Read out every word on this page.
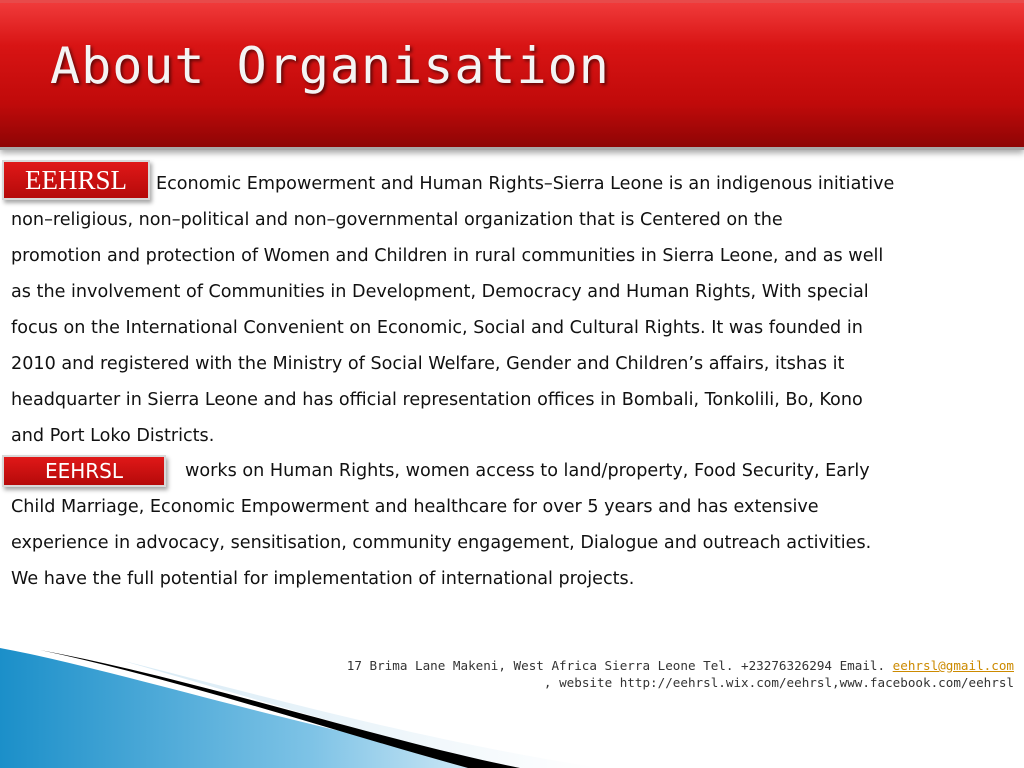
About Organisation
EEHRSL	Economic Empowerment and Human Rights–Sierra Leone is an indigenous initiative
non–religious, non–political and non–governmental organization that is Centered on the
promotion and protection of Women and Children in rural communities in Sierra Leone, and as well
as the involvement of Communities in Development, Democracy and Human Rights, With special
focus on the International Convenient on Economic, Social and Cultural Rights. It was founded in
2010 and registered with the Ministry of Social Welfare, Gender and Children’s affairs, itshas it
headquarter in Sierra Leone and has official representation offices in Bombali, Tonkolili, Bo, Kono
and Port Loko Districts.
EEHRSL	works on Human Rights, women access to land/property, Food Security, Early
Child Marriage, Economic Empowerment and healthcare for over 5 years and has extensive
experience in advocacy, sensitisation, community engagement, Dialogue and outreach activities.
We have the full potential for implementation of international projects.
17 Brima Lane Makeni, West Africa Sierra Leone Tel. +23276326294 Email. eehrsl@gmail.com
, website http://eehrsl.wix.com/eehrsl,www.facebook.com/eehrsl
